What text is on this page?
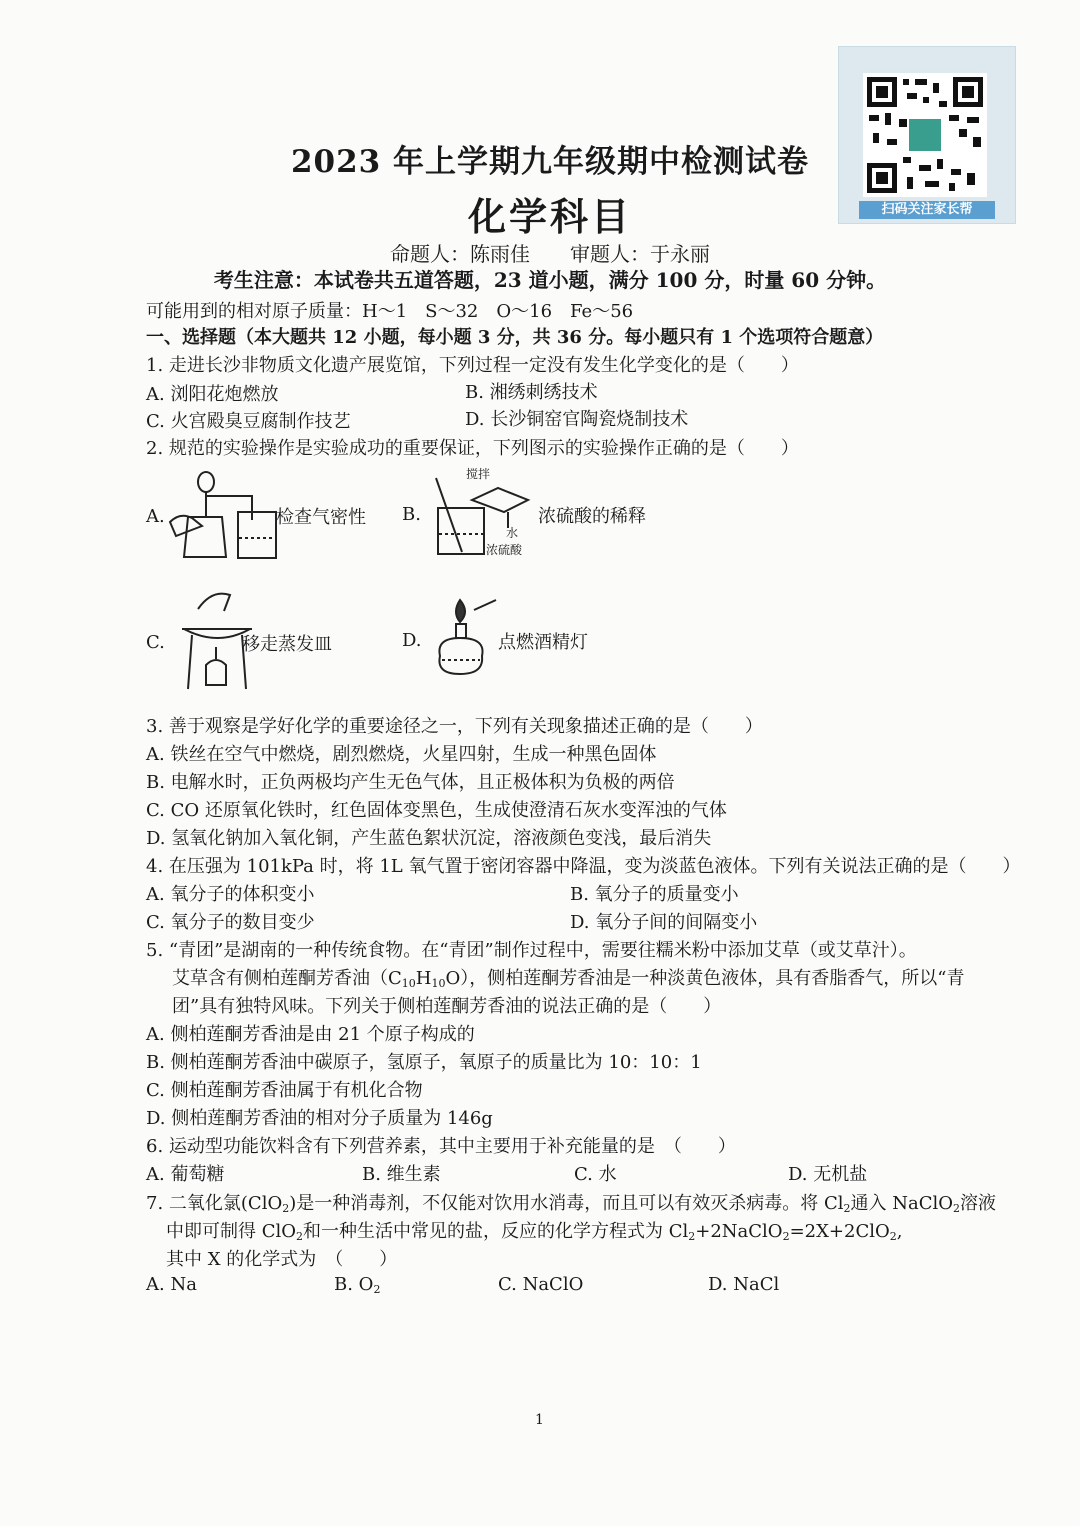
扫码关注家长帮
2023 年上学期九年级期中检测试卷
化学科目
命题人：陈雨佳　　审题人：于永丽
考生注意：本试卷共五道答题，23 道小题，满分 100 分，时量 60 分钟。
可能用到的相对原子质量：H～1　S～32　O～16　Fe～56
一、选择题（本大题共 12 小题，每小题 3 分，共 36 分。每小题只有 1 个选项符合题意）
1. 走进长沙非物质文化遗产展览馆，下列过程一定没有发生化学变化的是（　　）
A. 浏阳花炮燃放	B. 湘绣刺绣技术
C. 火宫殿臭豆腐制作技艺	D. 长沙铜窑官陶瓷烧制技术
2. 规范的实验操作是实验成功的重要保证，下列图示的实验操作正确的是（　　）
A.	检查气密性 B.
搅拌
水
浓硫酸
浓硫酸的稀释
C.	移走蒸发皿	D.	点燃酒精灯
3. 善于观察是学好化学的重要途径之一，下列有关现象描述正确的是（　　）
A. 铁丝在空气中燃烧，剧烈燃烧，火星四射，生成一种黑色固体
B. 电解水时，正负两极均产生无色气体，且正极体积为负极的两倍
C. CO 还原氧化铁时，红色固体变黑色，生成使澄清石灰水变浑浊的气体
D. 氢氧化钠加入氧化铜，产生蓝色絮状沉淀，溶液颜色变浅，最后消失
4. 在压强为 101kPa 时，将 1L 氧气置于密闭容器中降温，变为淡蓝色液体。下列有关说法正确的是（　　）
A. 氧分子的体积变小	B. 氧分子的质量变小
C. 氧分子的数目变少	D. 氧分子间的间隔变小
5. “青团”是湖南的一种传统食物。在“青团”制作过程中，需要往糯米粉中添加艾草（或艾草汁）。
艾草含有侧柏莲酮芳香油$(C_{10}H_{10}O)$，侧柏莲酮芳香油是一种淡黄色液体，具有香脂香气，所以“青
团”具有独特风味。下列关于侧柏莲酮芳香油的说法正确的是（　　）
A. 侧柏莲酮芳香油是由 21 个原子构成的
B. 侧柏莲酮芳香油中碳原子，氢原子，氧原子的质量比为 10：10：1
C. 侧柏莲酮芳香油属于有机化合物
D. 侧柏莲酮芳香油的相对分子质量为 146g
6. 运动型功能饮料含有下列营养素，其中主要用于补充能量的是　（　　）
A. 葡萄糖	B. 维生素	C. 水	D. 无机盐
7. 二氧化氯(ClO$_2$)是一种消毒剂，不仅能对饮用水消毒，而且可以有效灭杀病毒。将 $Cl_2$通入 NaClO$_2$溶液
中即可制得 ClO$_2$和一种生活中常见的盐，反应的化学方程式为 $Cl_2+2NaClO_2=2X+2ClO_2$,
其中 X 的化学式为　（　　）
A. Na	B. $O_2$	C. NaClO	D. NaCl
1
